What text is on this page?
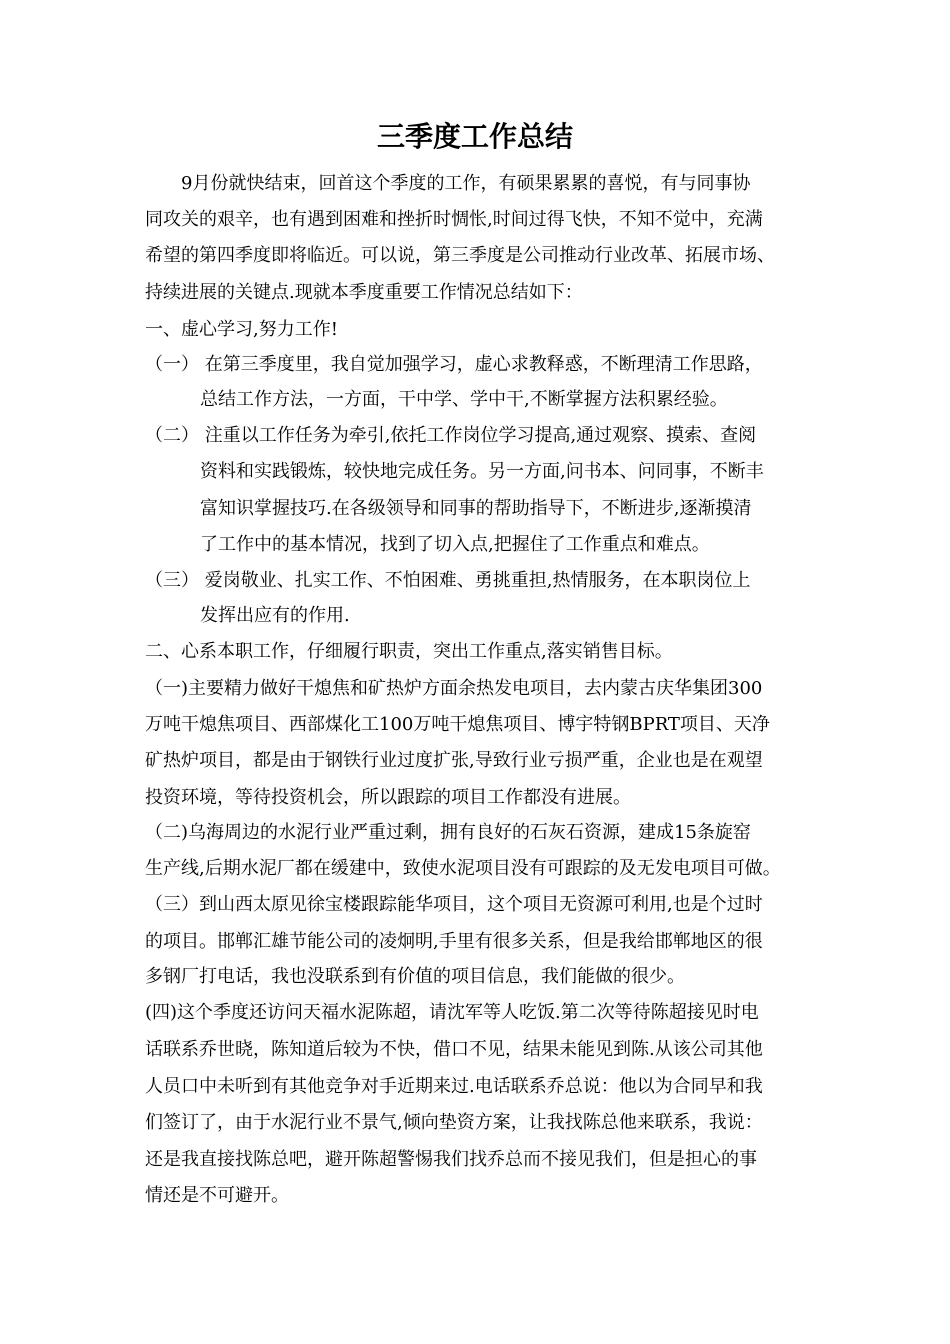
三季度工作总结

9月份就快结束，回首这个季度的工作，有硕果累累的喜悦，有与同事协

同攻关的艰辛，也有遇到困难和挫折时惆怅,时间过得飞快，不知不觉中，充满

希望的第四季度即将临近。可以说，第三季度是公司推动行业改革、拓展市场、

持续进展的关键点.现就本季度重要工作情况总结如下：

一、虚心学习,努力工作!

（一） 在第三季度里，我自觉加强学习，虚心求教释惑，不断理清工作思路，

总结工作方法，一方面，干中学、学中干,不断掌握方法积累经验。

（二） 注重以工作任务为牵引,依托工作岗位学习提高,通过观察、摸索、查阅

资料和实践锻炼，较快地完成任务。另一方面,问书本、问同事，不断丰

富知识掌握技巧.在各级领导和同事的帮助指导下，不断进步,逐渐摸清

了工作中的基本情况，找到了切入点,把握住了工作重点和难点。

（三） 爱岗敬业、扎实工作、不怕困难、勇挑重担,热情服务，在本职岗位上

发挥出应有的作用.

二、心系本职工作，仔细履行职责，突出工作重点,落实销售目标。

（一)主要精力做好干熄焦和矿热炉方面余热发电项目，去内蒙古庆华集团300

万吨干熄焦项目、西部煤化工100万吨干熄焦项目、博宇特钢BPRT项目、天净

矿热炉项目，都是由于钢铁行业过度扩张,导致行业亏损严重，企业也是在观望

投资环境，等待投资机会，所以跟踪的项目工作都没有进展。

（二)乌海周边的水泥行业严重过剩，拥有良好的石灰石资源，建成15条旋窑

生产线,后期水泥厂都在缓建中，致使水泥项目没有可跟踪的及无发电项目可做。

（三）到山西太原见徐宝楼跟踪能华项目，这个项目无资源可利用,也是个过时

的项目。邯郸汇雄节能公司的凌炯明,手里有很多关系，但是我给邯郸地区的很

多钢厂打电话，我也没联系到有价值的项目信息，我们能做的很少。

(四)这个季度还访问天福水泥陈超，请沈军等人吃饭.第二次等待陈超接见时电

话联系乔世晓，陈知道后较为不快，借口不见，结果未能见到陈.从该公司其他

人员口中未听到有其他竞争对手近期来过.电话联系乔总说：他以为合同早和我

们签订了，由于水泥行业不景气,倾向垫资方案，让我找陈总他来联系，我说：

还是我直接找陈总吧，避开陈超警惕我们找乔总而不接见我们，但是担心的事

情还是不可避开。
